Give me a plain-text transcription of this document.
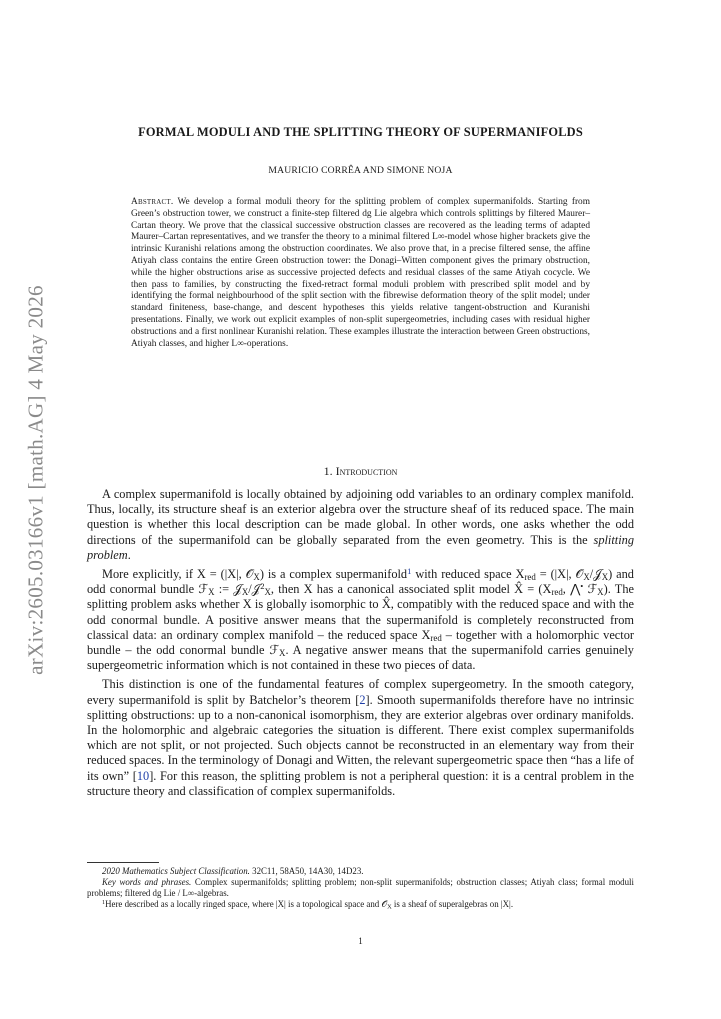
arXiv:2605.03166v1 [math.AG] 4 May 2026
FORMAL MODULI AND THE SPLITTING THEORY OF SUPERMANIFOLDS
MAURICIO CORRÊA AND SIMONE NOJA
Abstract. We develop a formal moduli theory for the splitting problem of complex supermanifolds. Starting from Green’s obstruction tower, we construct a finite-step filtered dg Lie algebra which controls splittings by filtered Maurer–Cartan theory. We prove that the classical successive obstruction classes are recovered as the leading terms of adapted Maurer–Cartan representatives, and we transfer the theory to a minimal filtered L∞-model whose higher brackets give the intrinsic Kuranishi relations among the obstruction coordinates. We also prove that, in a precise filtered sense, the affine Atiyah class contains the entire Green obstruction tower: the Donagi–Witten component gives the primary obstruction, while the higher obstructions arise as successive projected defects and residual classes of the same Atiyah cocycle. We then pass to families, by constructing the fixed-retract formal moduli problem with prescribed split model and by identifying the formal neighbourhood of the split section with the fibrewise deformation theory of the split model; under standard finiteness, base-change, and descent hypotheses this yields relative tangent-obstruction and Kuranishi presentations. Finally, we work out explicit examples of non-split supergeometries, including cases with residual higher obstructions and a first nonlinear Kuranishi relation. These examples illustrate the interaction between Green obstructions, Atiyah classes, and higher L∞-operations.
1. Introduction

A complex supermanifold is locally obtained by adjoining odd variables to an ordinary complex manifold. Thus, locally, its structure sheaf is an exterior algebra over the structure sheaf of its reduced space. The main question is whether this local description can be made global. In other words, one asks whether the odd directions of the supermanifold can be globally separated from the even geometry. This is the splitting problem.

More explicitly, if X = (|X|, 𝒪$_X$) is a complex supermanifold$^1$ with reduced space $X_{red} = (|X|$, 𝒪$_X$/𝒥$_X$) and odd conormal bundle ℱ$_X$ := 𝒥$_X$/𝒥$^2_X$, then X has a canonical associated split model X̂ = ($X_{red}$, ⋀• ℱ$_X$). The splitting problem asks whether X is globally isomorphic to X̂, compatibly with the reduced space and with the odd conormal bundle. A positive answer means that the supermanifold is completely reconstructed from classical data: an ordinary complex manifold – the reduced space $X_{red}$ – together with a holomorphic vector bundle – the odd conormal bundle ℱ$_X$. A negative answer means that the supermanifold carries genuinely supergeometric information which is not contained in these two pieces of data.

This distinction is one of the fundamental features of complex supergeometry. In the smooth category, every supermanifold is split by Batchelor’s theorem [2]. Smooth supermanifolds therefore have no intrinsic splitting obstructions: up to a non-canonical isomorphism, they are exterior algebras over ordinary manifolds. In the holomorphic and algebraic categories the situation is different. There exist complex supermanifolds which are not split, or not projected. Such objects cannot be reconstructed in an elementary way from their reduced spaces. In the terminology of Donagi and Witten, the relevant supergeometric space then “has a life of its own” [10]. For this reason, the splitting problem is not a peripheral question: it is a central problem in the structure theory and classification of complex supermanifolds.

2020 Mathematics Subject Classification. 32C11, 58A50, 14A30, 14D23.
Key words and phrases. Complex supermanifolds; splitting problem; non-split supermanifolds; obstruction classes; Atiyah class; formal moduli problems; filtered dg Lie / L∞-algebras.
$^1$Here described as a locally ringed space, where |X| is a topological space and 𝒪$_X$ is a sheaf of superalgebras on |X|.
1
